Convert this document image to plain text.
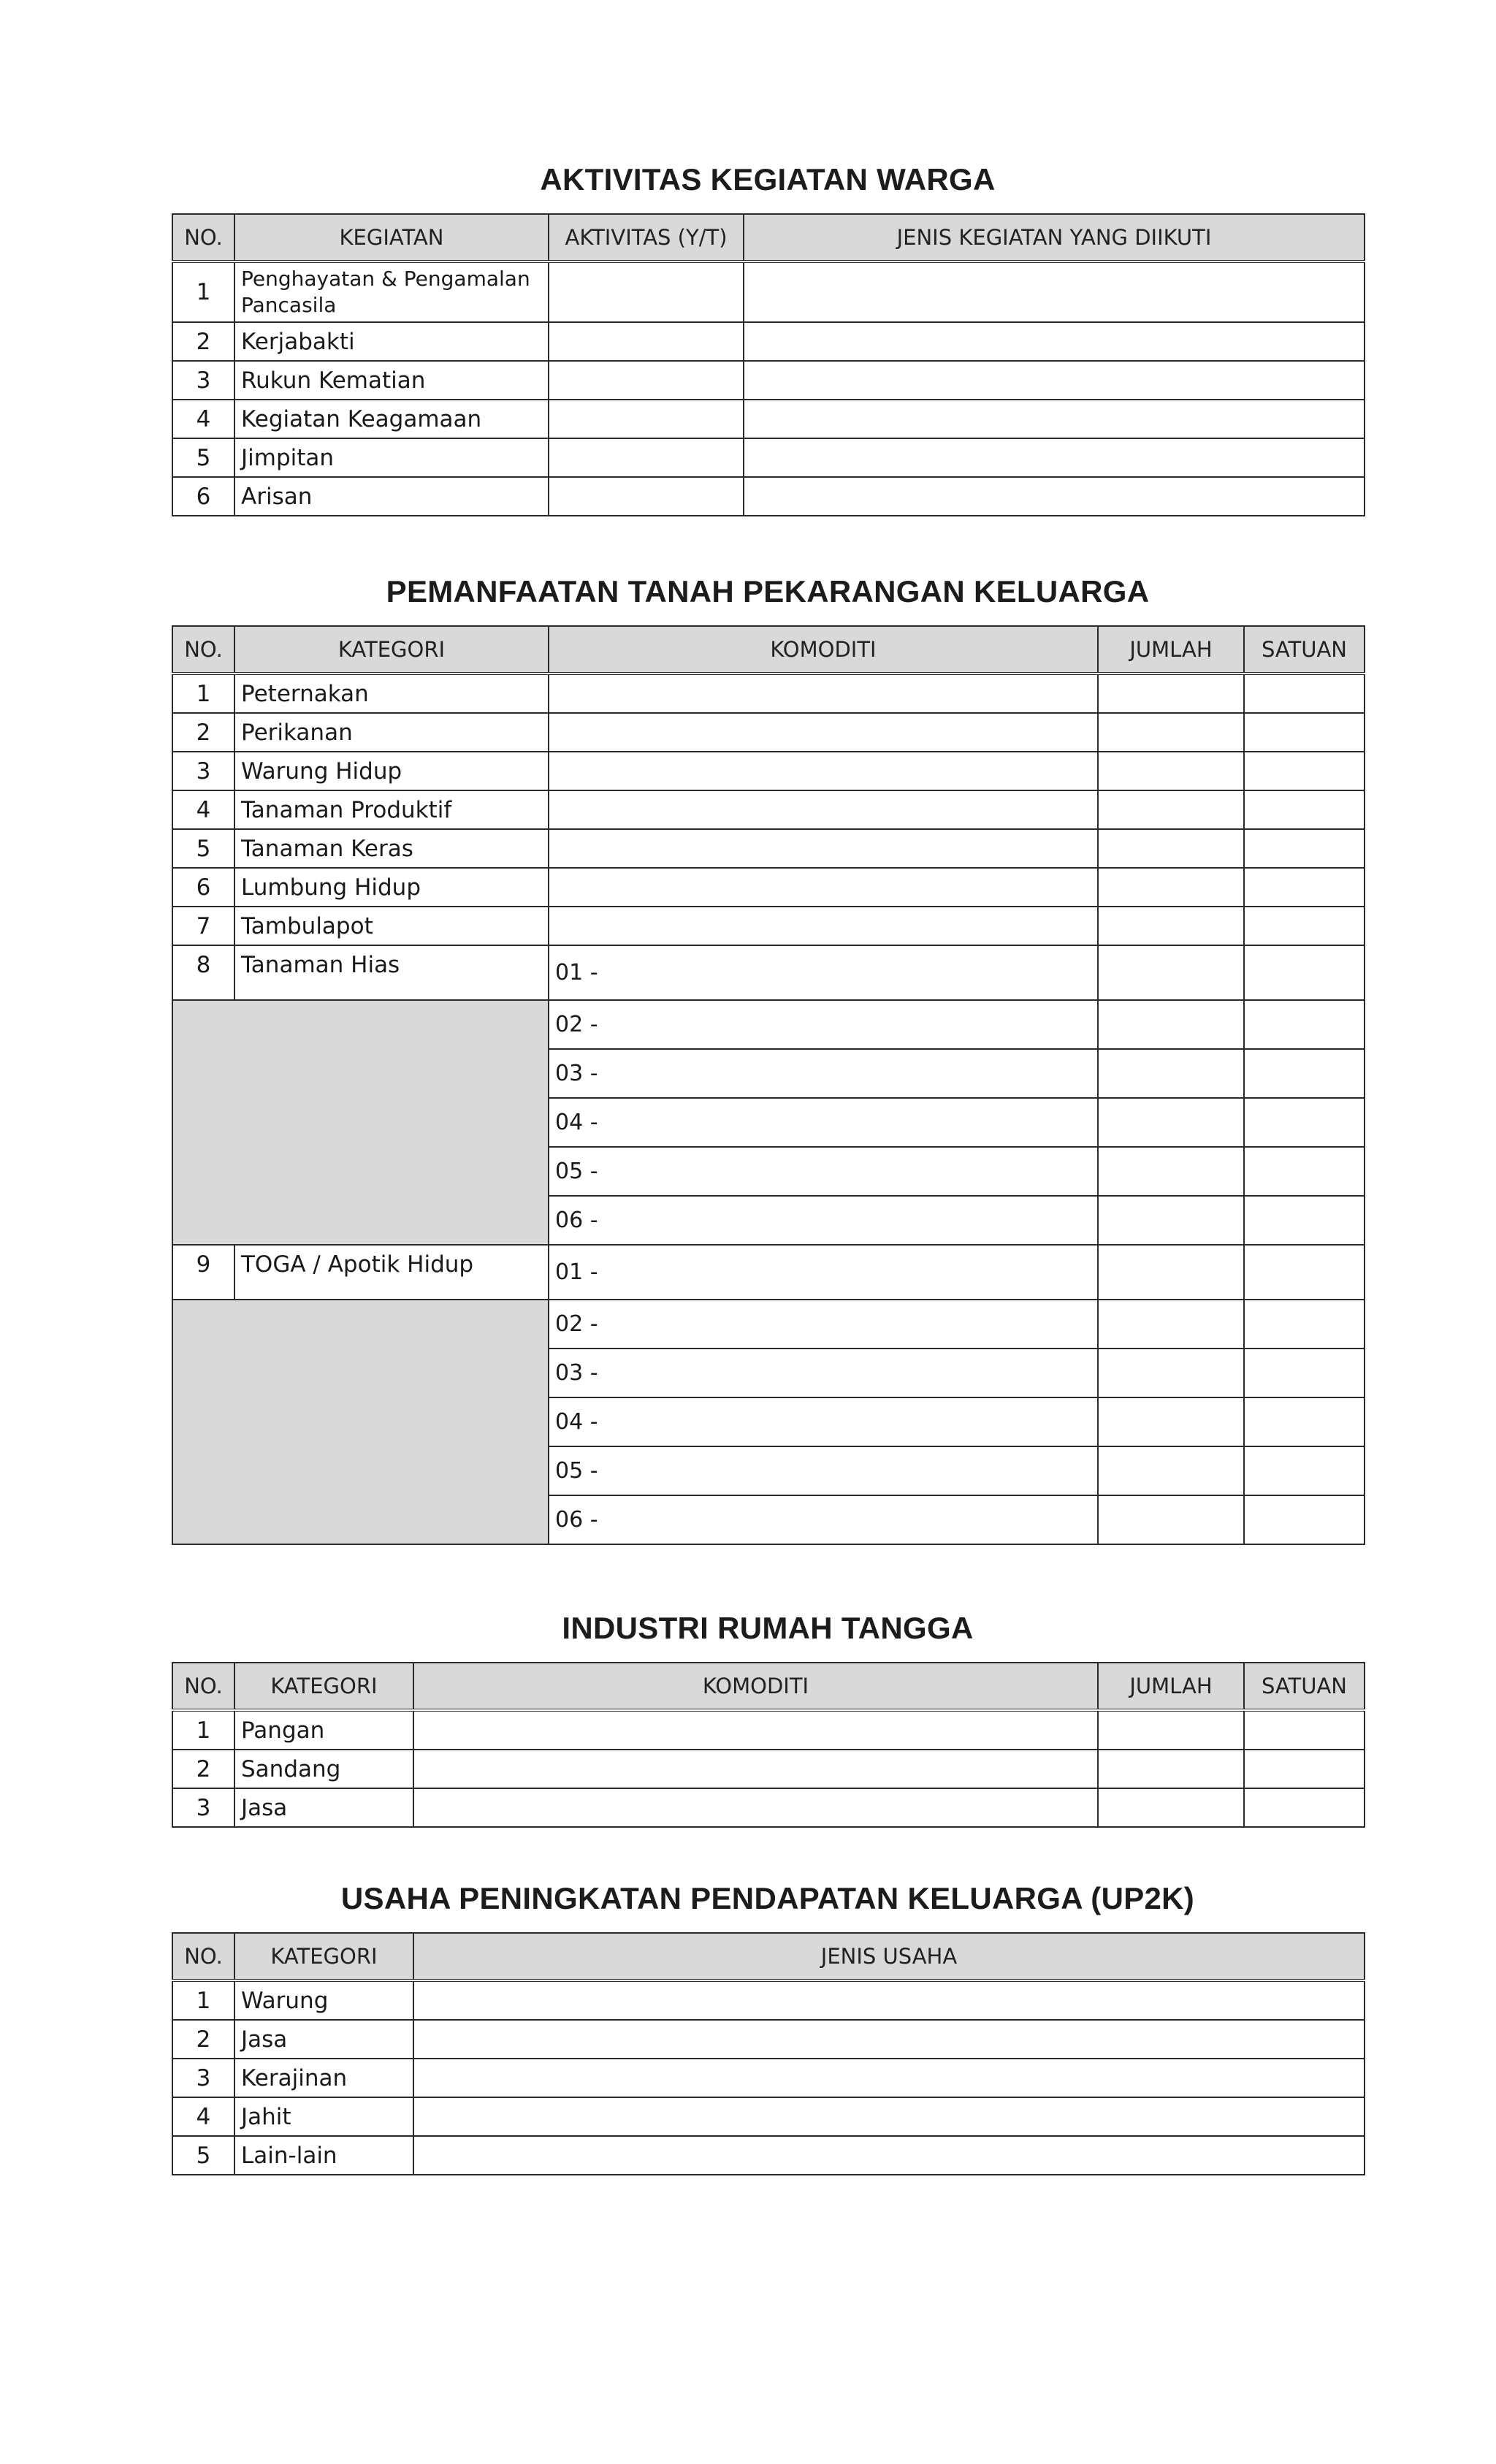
AKTIVITAS KEGIATAN WARGA
NO.	KEGIATAN	AKTIVITAS (Y/T)	JENIS KEGIATAN YANG DIIKUTI
1	Penghayatan & Pengamalan Pancasila		
2	Kerjabakti		
3	Rukun Kematian		
4	Kegiatan Keagamaan		
5	Jimpitan		
6	Arisan		
PEMANFAATAN TANAH PEKARANGAN KELUARGA
NO.	KATEGORI	KOMODITI	JUMLAH	SATUAN
1	Peternakan			
2	Perikanan			
3	Warung Hidup			
4	Tanaman Produktif			
5	Tanaman Keras			
6	Lumbung Hidup			
7	Tambulapot			
8	Tanaman Hias	01 -		
		02 -		
		03 -		
		04 -		
		05 -		
		06 -		
9	TOGA / Apotik Hidup	01 -		
		02 -		
		03 -		
		04 -		
		05 -		
		06 -		
INDUSTRI RUMAH TANGGA
NO.	KATEGORI	KOMODITI	JUMLAH	SATUAN
1	Pangan			
2	Sandang			
3	Jasa			
USAHA PENINGKATAN PENDAPATAN KELUARGA (UP2K)
NO.	KATEGORI	JENIS USAHA
1	Warung	
2	Jasa	
3	Kerajinan	
4	Jahit	
5	Lain-lain	
